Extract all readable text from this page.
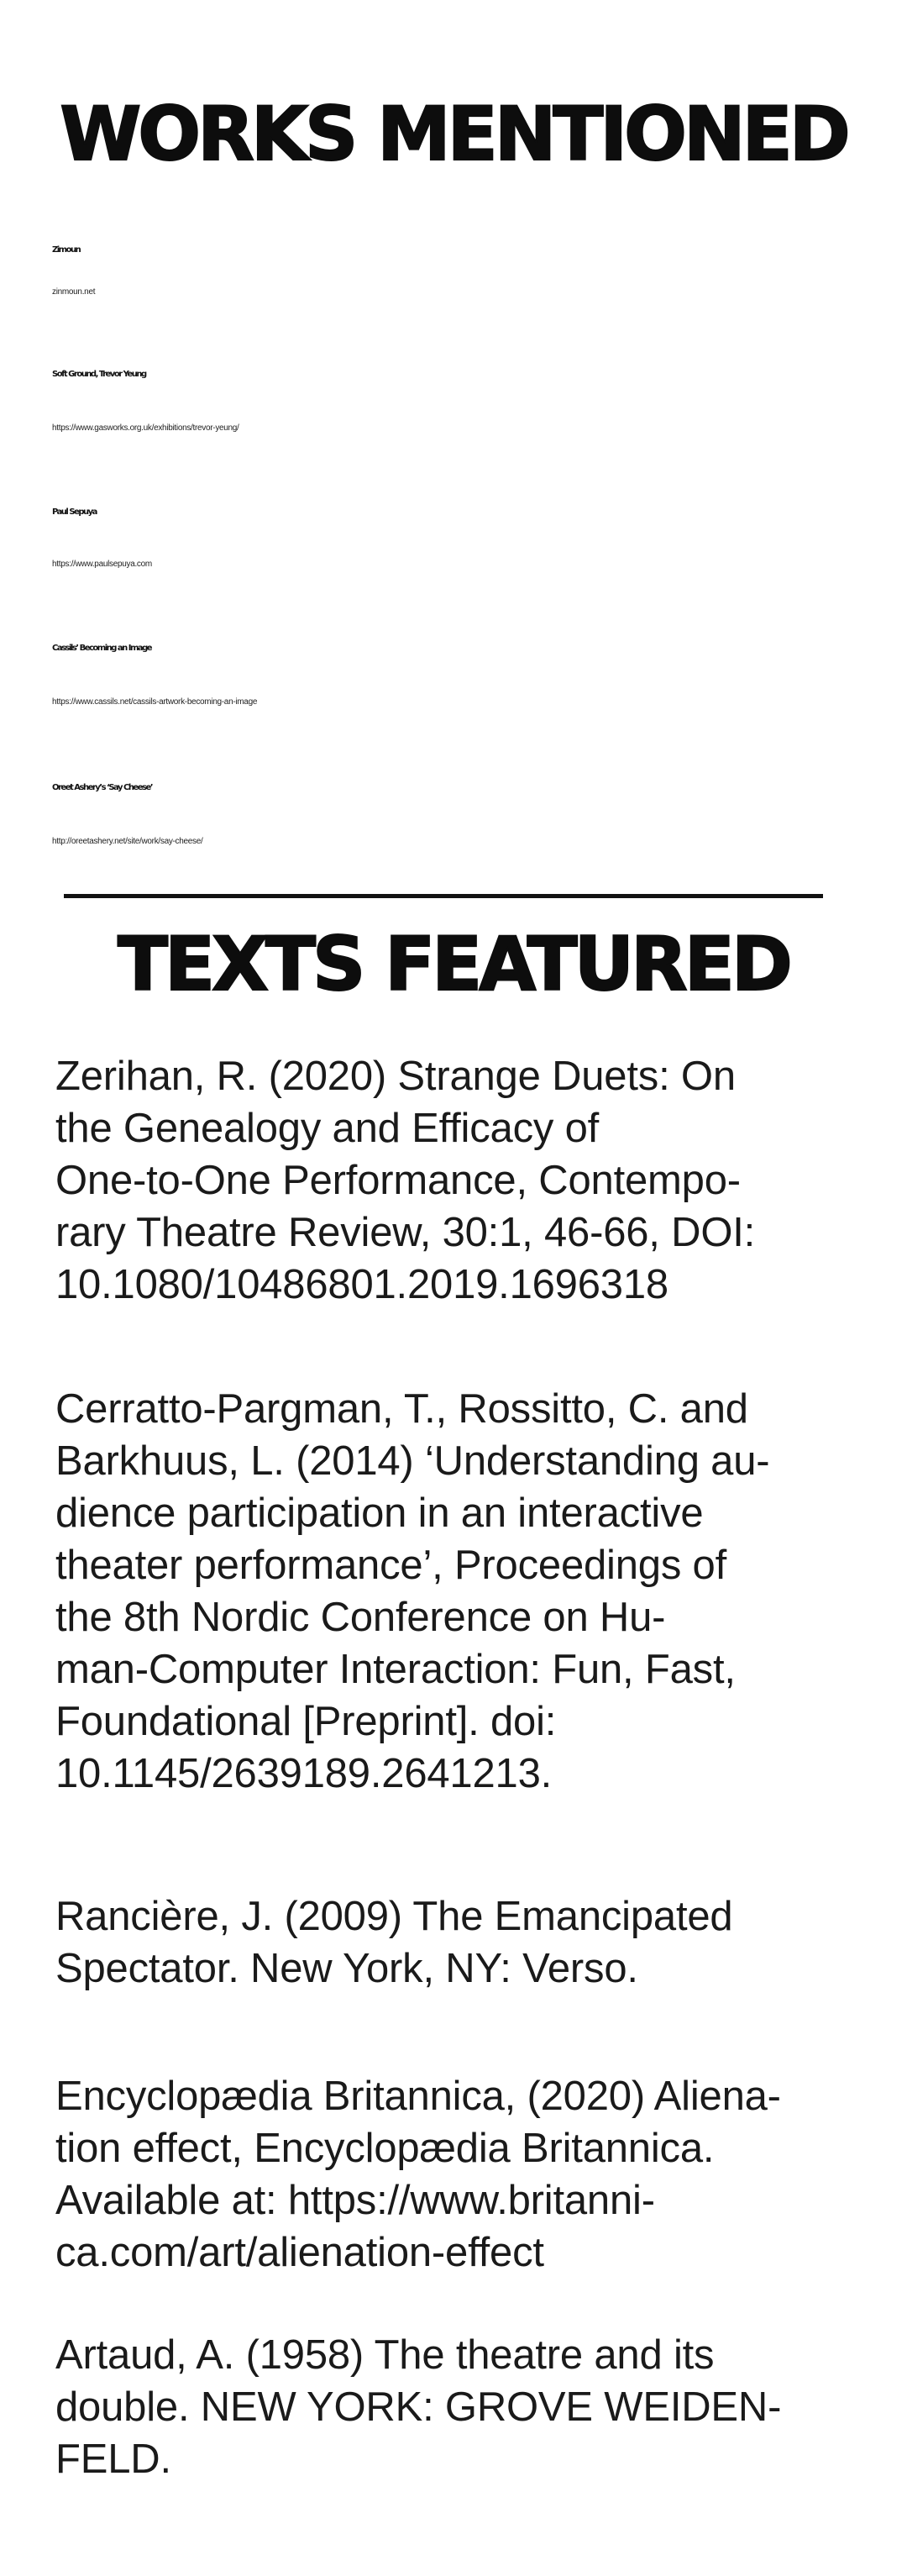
WORKS MENTIONED
Zimoun
zinmoun.net
Soft Ground, Trevor Yeung
https://www.gasworks.org.uk/exhibitions/trevor-yeung/
Paul Sepuya
https://www.paulsepuya.com
Cassils’ Becoming an Image
https://www.cassils.net/cassils-artwork-becoming-an-image
Oreet Ashery’s ‘Say Cheese’
http://oreetashery.net/site/work/say-cheese/
TEXTS FEATURED
Zerihan, R. (2020) Strange Duets: On
the Genealogy and Efficacy of
One-to-One Performance, Contempo-
rary Theatre Review, 30:1, 46-66, DOI:
10.1080/10486801.2019.1696318
Cerratto-Pargman, T., Rossitto, C. and
Barkhuus, L. (2014) ‘Understanding au-
dience participation in an interactive
theater performance’, Proceedings of
the 8th Nordic Conference on Hu-
man-Computer Interaction: Fun, Fast,
Foundational [Preprint]. doi:
10.1145/2639189.2641213.
Rancière, J. (2009) The Emancipated
Spectator. New York, NY: Verso.
Encyclopædia Britannica, (2020) Aliena-
tion effect, Encyclopædia Britannica.
Available at: https://www.britanni-
ca.com/art/alienation-effect
Artaud, A. (1958) The theatre and its
double. NEW YORK: GROVE WEIDEN-
FELD.
